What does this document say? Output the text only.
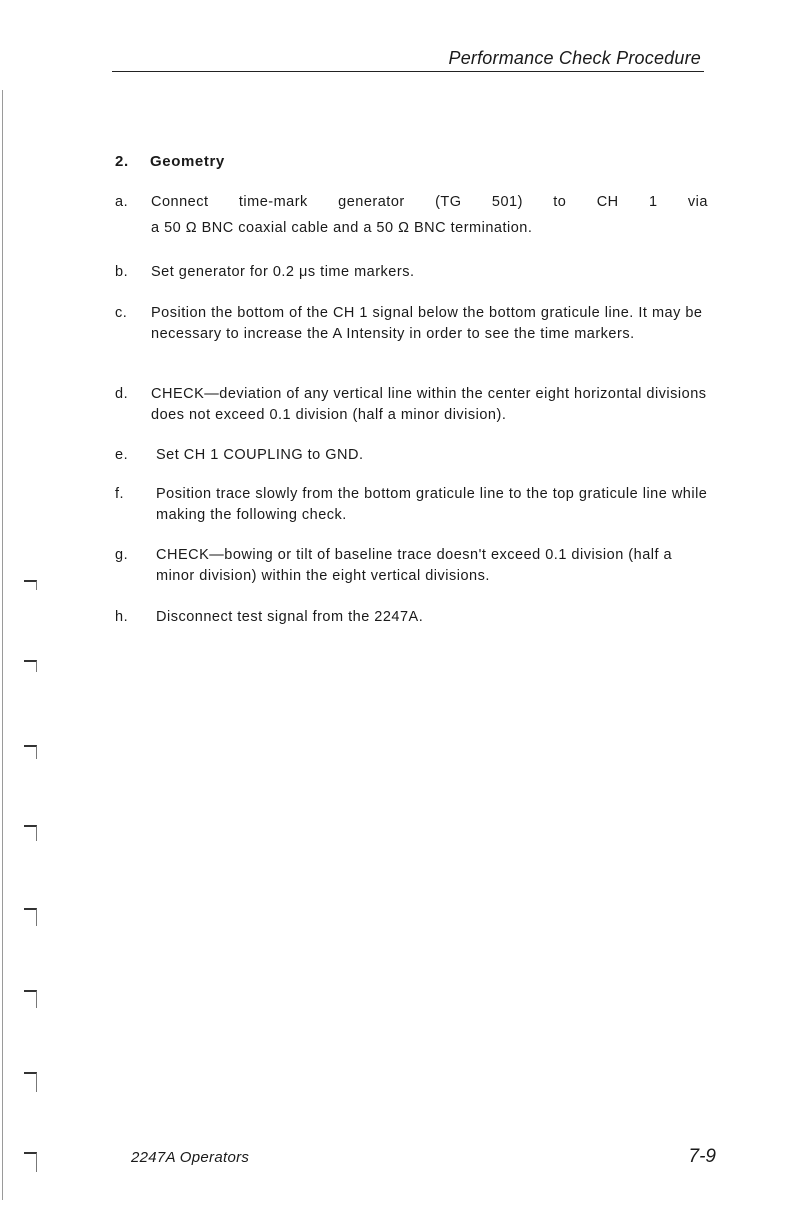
Performance Check Procedure
2. Geometry
a. Connect time-mark generator (TG 501) to CH 1 via
a 50 Ω BNC coaxial cable and a 50 Ω BNC termination.
b. Set generator for 0.2 μs time markers.
c. Position the bottom of the CH 1 signal below the bottom graticule line. It may be necessary to increase the A Intensity in order to see the time markers.
d. CHECK—deviation of any vertical line within the center eight horizontal divisions does not exceed 0.1 division (half a minor division).
e. Set CH 1 COUPLING to GND.
f. Position trace slowly from the bottom graticule line to the top graticule line while making the following check.
g. CHECK—bowing or tilt of baseline trace doesn't exceed 0.1 division (half a minor division) within the eight vertical divisions.
h. Disconnect test signal from the 2247A.
2247A Operators	7-9
